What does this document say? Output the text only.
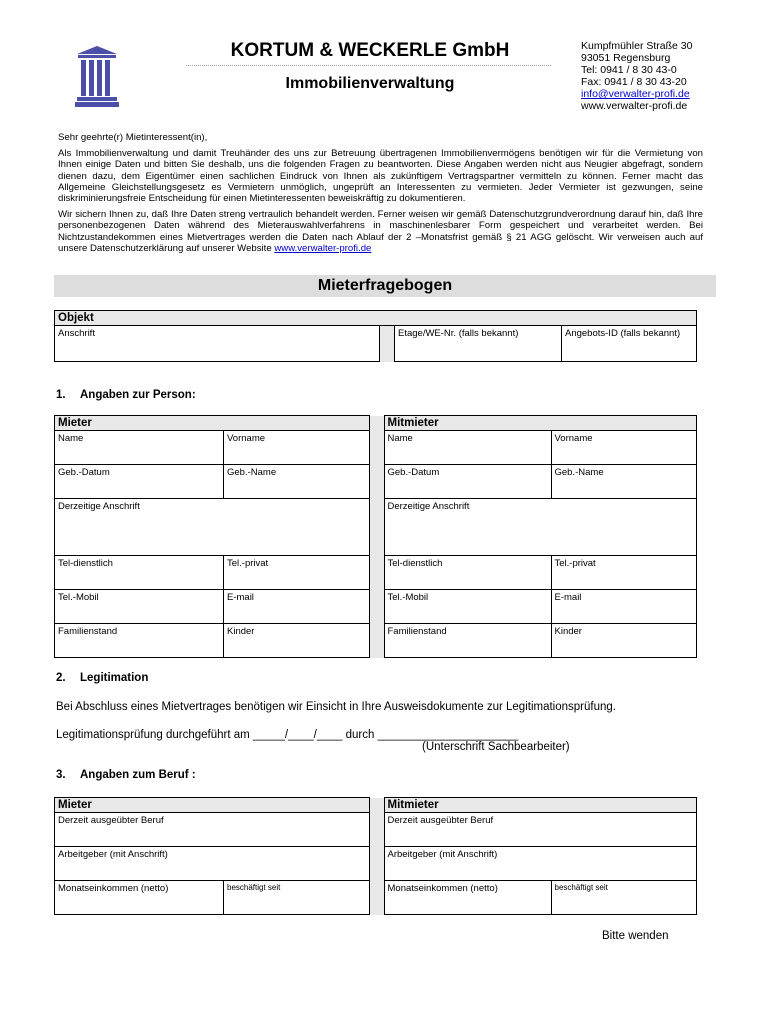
KORTUM & WECKERLE GmbH
Immobilienverwaltung
Kumpfmühler Straße 30
93051 Regensburg
Tel: 0941 / 8 30 43-0
Fax: 0941 / 8 30 43-20
info@verwalter-profi.de
www.verwalter-profi.de

Sehr geehrte(r) Mietinteressent(in),

Als Immobilienverwaltung und damit Treuhänder des uns zur Betreuung übertragenen Immobilienvermögens benötigen wir für die Vermietung von Ihnen einige Daten und bitten Sie deshalb, uns die folgenden Fragen zu beantworten. Diese Angaben werden nicht aus Neugier abgefragt, sondern dienen dazu, dem Eigentümer einen sachlichen Eindruck von Ihnen als zukünftigem Vertragspartner vermitteln zu können. Ferner macht das Allgemeine Gleichstellungsgesetz es Vermietern unmöglich, ungeprüft an Interessenten zu vermieten. Jeder Vermieter ist gezwungen, seine diskriminierungsfreie Entscheidung für einen Mietinteressenten beweiskräftig zu dokumentieren.

Wir sichern Ihnen zu, daß Ihre Daten streng vertraulich behandelt werden. Ferner weisen wir gemäß Datenschutzgrundverordnung darauf hin, daß Ihre personenbezogenen Daten während des Mieterauswahlverfahrens in maschinenlesbarer Form gespeichert und verarbeitet werden. Bei Nichtzustandekommen eines Mietvertrages werden die Daten nach Ablauf der 2 –Monatsfrist gemäß § 21 AGG gelöscht. Wir verweisen auch auf unsere Datenschutzerklärung auf unserer Website www.verwalter-profi.de

Mieterfragebogen
Objekt
Anschrift		Etage/WE-Nr. (falls bekannt)	Angebots-ID (falls bekannt)
1. Angaben zur Person:
Mieter			Mitmieter	
Name	Vorname		Name	Vorname
Geb.-Datum	Geb.-Name		Geb.-Datum	Geb.-Name
Derzeitige Anschrift			Derzeitige Anschrift	
Tel-dienstlich	Tel.-privat		Tel-dienstlich	Tel.-privat
Tel.-Mobil	E-mail		Tel.-Mobil	E-mail
Familienstand	Kinder		Familienstand	Kinder
2. Legitimation
Bei Abschluss eines Mietvertrages benötigen wir Einsicht in Ihre Ausweisdokumente zur Legitimationsprüfung.
Legitimationsprüfung durchgeführt am _____/____/____ durch ______________________
(Unterschrift Sachbearbeiter)
3. Angaben zum Beruf :
Mieter			Mitmieter	
Derzeit ausgeübter Beruf			Derzeit ausgeübter Beruf	
Arbeitgeber (mit Anschrift)			Arbeitgeber (mit Anschrift)	
Monatseinkommen (netto)	beschäftigt seit		Monatseinkommen (netto)	beschäftigt seit
Bitte wenden
